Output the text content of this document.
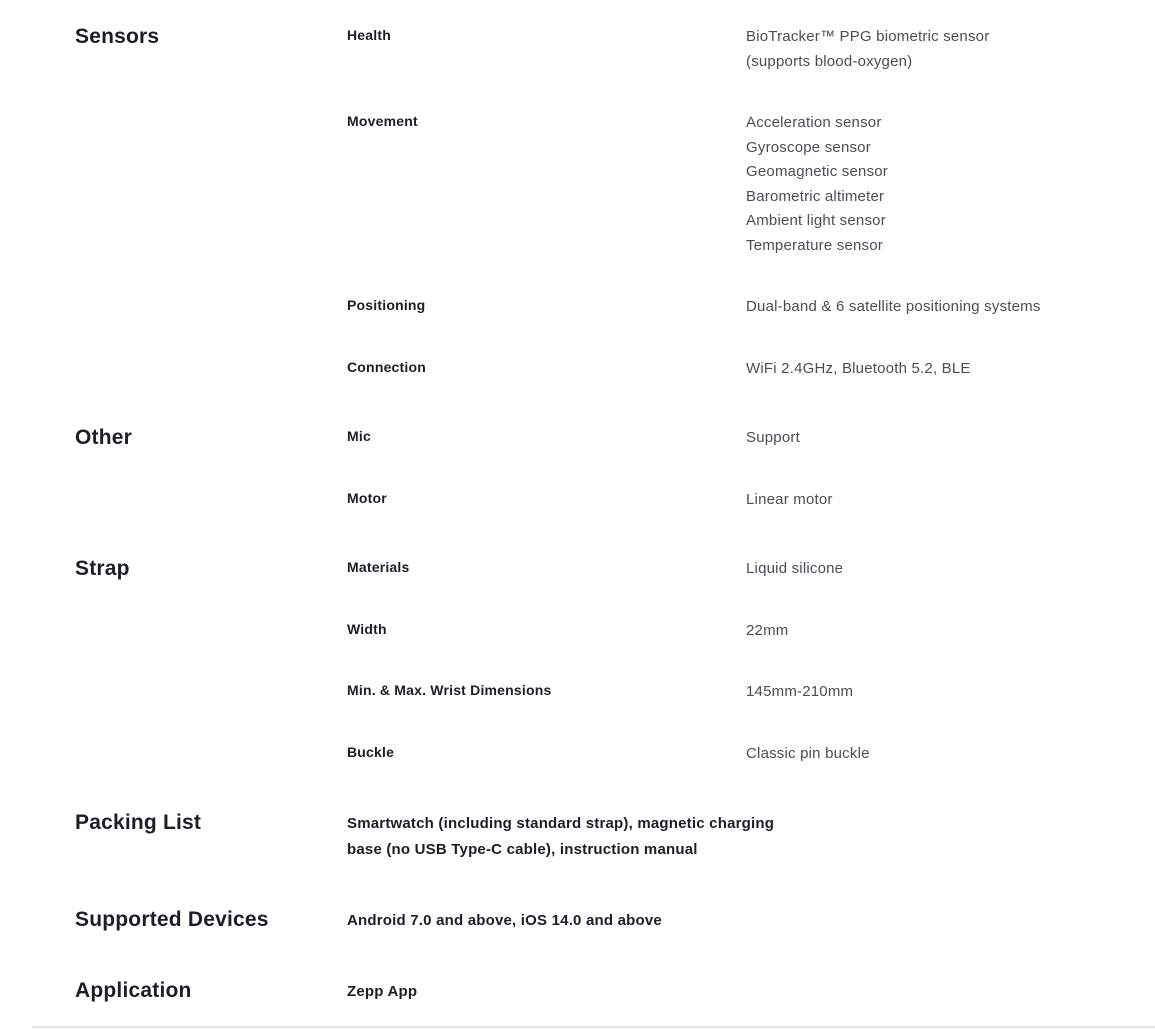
Sensors	Health	BioTracker™ PPG biometric sensor
(supports blood-oxygen)
Movement	Acceleration sensor
Gyroscope sensor
Geomagnetic sensor
Barometric altimeter
Ambient light sensor
Temperature sensor
Positioning	Dual-band & 6 satellite positioning systems
Connection	WiFi 2.4GHz, Bluetooth 5.2, BLE
Other	Mic	Support
Motor	Linear motor
Strap	Materials	Liquid silicone
Width	22mm
Min. & Max. Wrist Dimensions	145mm-210mm
Buckle	Classic pin buckle
Packing List	Smartwatch (including standard strap), magnetic charging
base (no USB Type-C cable), instruction manual
Supported Devices	Android 7.0 and above, iOS 14.0 and above
Application	Zepp App
